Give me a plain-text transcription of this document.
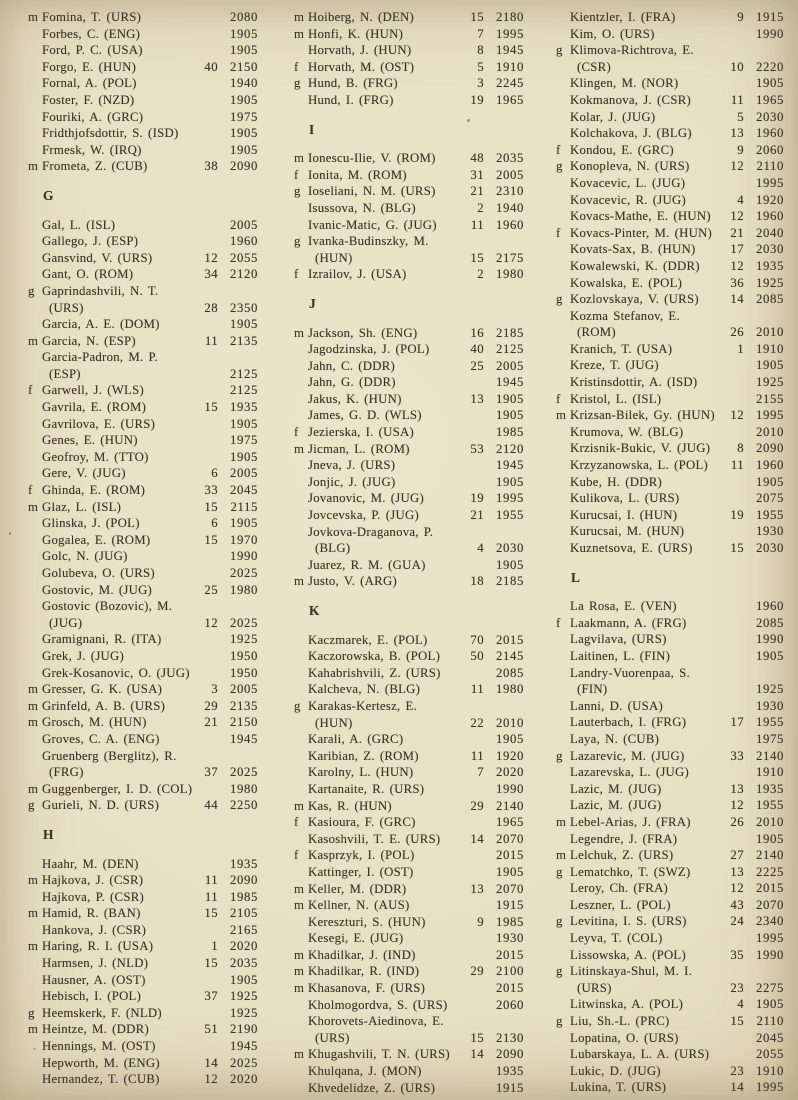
m Fomina, T. (URS)	2080
Forbes, C. (ENG)	1905
Ford, P. C. (USA)	1905
Forgo, E. (HUN)	40 2150
Fornal, A. (POL)	1940
Foster, F. (NZD)	1905
Fouriki, A. (GRC)	1975
Fridthjofsdottir, S. (ISD)	1905
Frmesk, W. (IRQ)	1905
m Frometa, Z. (CUB)	38 2090
G
Gal, L. (ISL)	2005
Gallego, J. (ESP)	1960
Gansvind, V. (URS)	12 2055
Gant, O. (ROM)	34 2120
g Gaprindashvili, N. T.
(URS)	28 2350
Garcia, A. E. (DOM)	1905
m Garcia, N. (ESP)	11 2135
Garcia-Padron, M. P.
(ESP)	2125
f Garwell, J. (WLS)	2125
Gavrila, E. (ROM)	15 1935
Gavrilova, E. (URS)	1905
Genes, E. (HUN)	1975
Geofroy, M. (TTO)	1905
Gere, V. (JUG)	6 2005
f Ghinda, E. (ROM)	33 2045
m Glaz, L. (ISL)	15 2115
Glinska, J. (POL)	6 1905
Gogalea, E. (ROM)	15 1970
Golc, N. (JUG)	1990
Golubeva, O. (URS)	2025
Gostovic, M. (JUG)	25 1980
Gostovic (Bozovic), M.
(JUG)	12 2025
Gramignani, R. (ITA)	1925
Grek, J. (JUG)	1950
Grek-Kosanovic, O. (JUG)	1950
m Gresser, G. K. (USA)	3 2005
m Grinfeld, A. B. (URS)	29 2135
m Grosch, M. (HUN)	21 2150
Groves, C. A. (ENG)	1945
Gruenberg (Berglitz), R.
(FRG)	37 2025
m Guggenberger, I. D. (COL)	1980
g Gurieli, N. D. (URS)	44 2250
H
Haahr, M. (DEN)	1935
m Hajkova, J. (CSR)	11 2090
Hajkova, P. (CSR)	11 1985
m Hamid, R. (BAN)	15 2105
Hankova, J. (CSR)	2165
m Haring, R. I. (USA)	1 2020
Harmsen, J. (NLD)	15 2035
Hausner, A. (OST)	1905
Hebisch, I. (POL)	37 1925
g Heemskerk, F. (NLD)	1925
m Heintze, M. (DDR)	51 2190
Hennings, M. (OST)	1945
Hepworth, M. (ENG)	14 2025
Hernandez, T. (CUB)	12 2020
m Hoiberg, N. (DEN)	15 2180
m Honfi, K. (HUN)	7 1995
Horvath, J. (HUN)	8 1945
f Horvath, M. (OST)	5 1910
g Hund, B. (FRG)	3 2245
Hund, I. (FRG)	19 1965
I
m Ionescu-Ilie, V. (ROM)	48 2035
f Ionita, M. (ROM)	31 2005
g Ioseliani, N. M. (URS)	21 2310
Isussova, N. (BLG)	2 1940
Ivanic-Matic, G. (JUG)	11 1960
g Ivanka-Budinszky, M.
(HUN)	15 2175
f Izrailov, J. (USA)	2 1980
J
m Jackson, Sh. (ENG)	16 2185
Jagodzinska, J. (POL)	40 2125
Jahn, C. (DDR)	25 2005
Jahn, G. (DDR)	1945
Jakus, K. (HUN)	13 1905
James, G. D. (WLS)	1905
f Jezierska, I. (USA)	1985
m Jicman, L. (ROM)	53 2120
Jneva, J. (URS)	1945
Jonjic, J. (JUG)	1905
Jovanovic, M. (JUG)	19 1995
Jovcevska, P. (JUG)	21 1955
Jovkova-Draganova, P.
(BLG)	4 2030
Juarez, R. M. (GUA)	1905
m Justo, V. (ARG)	18 2185
K
Kaczmarek, E. (POL)	70 2015
Kaczorowska, B. (POL)	50 2145
Kahabrishvili, Z. (URS)	2085
Kalcheva, N. (BLG)	11 1980
g Karakas-Kertesz, E.
(HUN)	22 2010
Karali, A. (GRC)	1905
Karibian, Z. (ROM)	11 1920
Karolny, L. (HUN)	7 2020
Kartanaite, R. (URS)	1990
m Kas, R. (HUN)	29 2140
f Kasioura, F. (GRC)	1965
Kasoshvili, T. E. (URS)	14 2070
f Kasprzyk, I. (POL)	2015
Kattinger, I. (OST)	1905
m Keller, M. (DDR)	13 2070
m Kellner, N. (AUS)	1915
Kereszturi, S. (HUN)	9 1985
Kesegi, E. (JUG)	1930
m Khadilkar, J. (IND)	2015
m Khadilkar, R. (IND)	29 2100
m Khasanova, F. (URS)	2015
Kholmogordva, S. (URS)	2060
Khorovets-Aiedinova, E.
(URS)	15 2130
m Khugashvili, T. N. (URS)	14 2090
Khulqana, J. (MON)	1935
Khvedelidze, Z. (URS)	1915
Kientzler, I. (FRA)	9 1915
Kim, O. (URS)	1990
g Klimova-Richtrova, E.
(CSR)	10 2220
Klingen, M. (NOR)	1905
Kokmanova, J. (CSR)	11 1965
Kolar, J. (JUG)	5 2030
Kolchakova, J. (BLG)	13 1960
f Kondou, E. (GRC)	9 2060
g Konopleva, N. (URS)	12 2110
Kovacevic, L. (JUG)	1995
Kovacevic, R. (JUG)	4 1920
Kovacs-Mathe, E. (HUN)	12 1960
f Kovacs-Pinter, M. (HUN)	21 2040
Kovats-Sax, B. (HUN)	17 2030
Kowalewski, K. (DDR)	12 1935
Kowalska, E. (POL)	36 1925
g Kozlovskaya, V. (URS)	14 2085
Kozma Stefanov, E.
(ROM)	26 2010
Kranich, T. (USA)	1 1910
Kreze, T. (JUG)	1905
Kristinsdottir, A. (ISD)	1925
f Kristol, L. (ISL)	2155
m Krizsan-Bilek, Gy. (HUN)	12 1995
Krumova, W. (BLG)	2010
Krzisnik-Bukic, V. (JUG)	8 2090
Krzyzanowska, L. (POL)	11 1960
Kube, H. (DDR)	1905
Kulikova, L. (URS)	2075
Kurucsai, I. (HUN)	19 1955
Kurucsai, M. (HUN)	1930
Kuznetsova, E. (URS)	15 2030
L
La Rosa, E. (VEN)	1960
f Laakmann, A. (FRG)	2085
Lagvilava, (URS)	1990
Laitinen, L. (FIN)	1905
Landry-Vuorenpaa, S.
(FIN)	1925
Lanni, D. (USA)	1930
Lauterbach, I. (FRG)	17 1955
Laya, N. (CUB)	1975
g Lazarevic, M. (JUG)	33 2140
Lazarevska, L. (JUG)	1910
Lazic, M. (JUG)	13 1935
Lazic, M. (JUG)	12 1955
m Lebel-Arias, J. (FRA)	26 2010
Legendre, J. (FRA)	1905
m Lelchuk, Z. (URS)	27 2140
g Lematchko, T. (SWZ)	13 2225
Leroy, Ch. (FRA)	12 2015
Leszner, L. (POL)	43 2070
g Levitina, I. S. (URS)	24 2340
Leyva, T. (COL)	1995
Lissowska, A. (POL)	35 1990
g Litinskaya-Shul, M. I.
(URS)	23 2275
Litwinska, A. (POL)	4 1905
g Liu, Sh.-L. (PRC)	15 2110
Lopatina, O. (URS)	2045
Lubarskaya, L. A. (URS)	2055
Lukic, D. (JUG)	23 1910
Lukina, T. (URS)	14 1995
